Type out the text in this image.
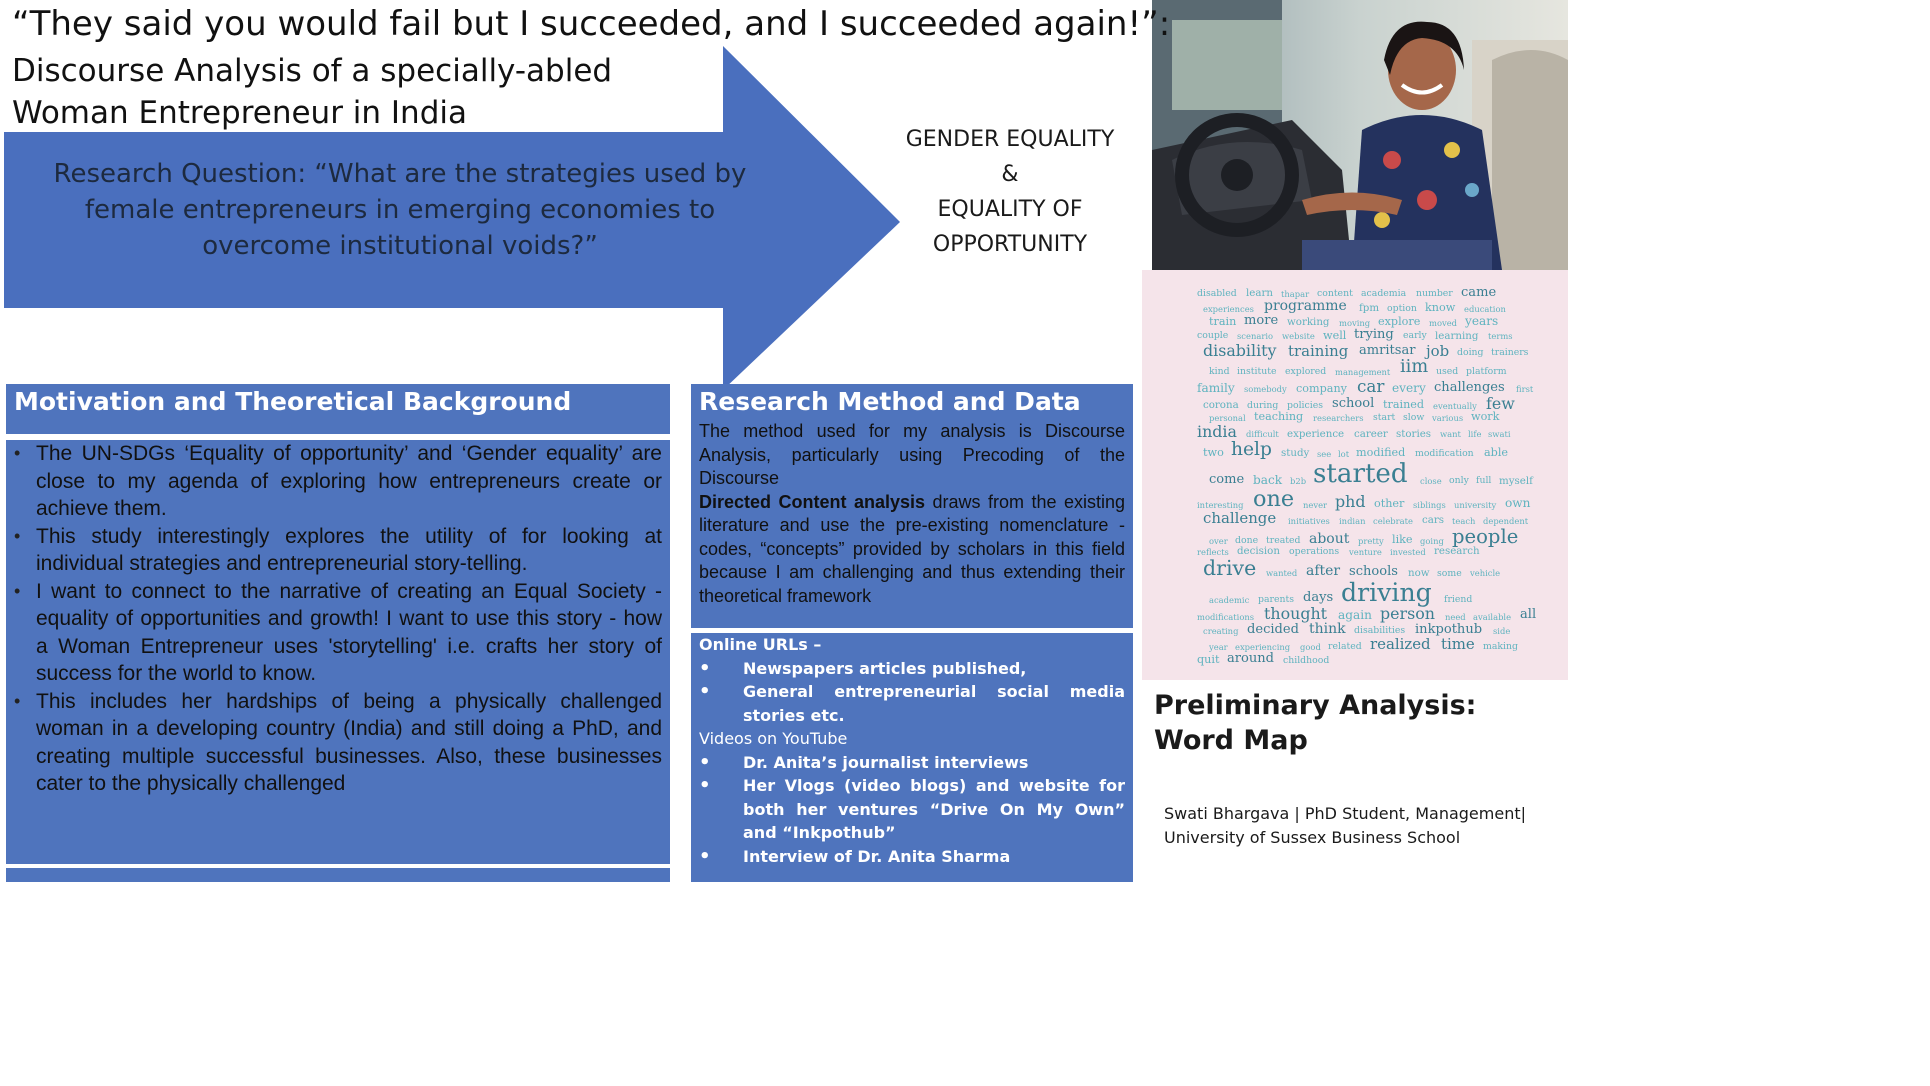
“They said you would fail but I succeeded, and I succeeded again!”:
Discourse Analysis of a specially-abled
Woman Entrepreneur in India
Research Question: “What are the strategies used by female entrepreneurs in emerging economies to overcome institutional voids?”
GENDER EQUALITY
&
EQUALITY OF
OPPORTUNITY
disabled learn thapar content academia number came
experiences programme fpm option know education
train more working moving explore moved years
couple scenario website well trying early learning terms
disability training amritsar job doing trainers
kind institute explored management iim used platform
family somebody company car every challenges first
corona during policies school trained eventually few
personal teaching researchers start slow various work
india difficult experience career stories want life swati
two help study see lot modified modification able
come back b2b started close only full myself
interesting one never phd other siblings university own
challenge initiatives indian celebrate cars teach dependent
over done treated about pretty like going people
reflects decision operations venture invested research
drive wanted after schools now some vehicle
academic parents days driving friend
modifications thought again person need available all
creating decided think disabilities inkpothub side
year experiencing good related realized time making
quit around childhood
Motivation and Theoretical Background
• The UN-SDGs ‘Equality of opportunity’ and ‘Gender equality’ are close to my agenda of exploring how entrepreneurs create or achieve them.
• This study interestingly explores the utility of for looking at individual strategies and entrepreneurial story-telling.
• I want to connect to the narrative of creating an Equal Society - equality of opportunities and growth! I want to use this story - how a Woman Entrepreneur uses 'storytelling' i.e. crafts her story of success for the world to know.
• This includes her hardships of being a physically challenged woman in a developing country (India) and still doing a PhD, and creating multiple successful businesses. Also, these businesses cater to the physically challenged
Research Method and Data
The method used for my analysis is Discourse Analysis, particularly using Precoding of the Discourse
Directed Content analysis draws from the existing literature and use the pre-existing nomenclature - codes, “concepts” provided by scholars in this field because I am challenging and thus extending their theoretical framework
Online URLs –
• Newspapers articles published,
• General entrepreneurial social media stories etc.
Videos on YouTube
• Dr. Anita’s journalist interviews
• Her Vlogs (video blogs) and website for both her ventures “Drive On My Own” and “Inkpothub”
• Interview of Dr. Anita Sharma
Preliminary Analysis:
Word Map
Swati Bhargava | PhD Student, Management|
University of Sussex Business School
